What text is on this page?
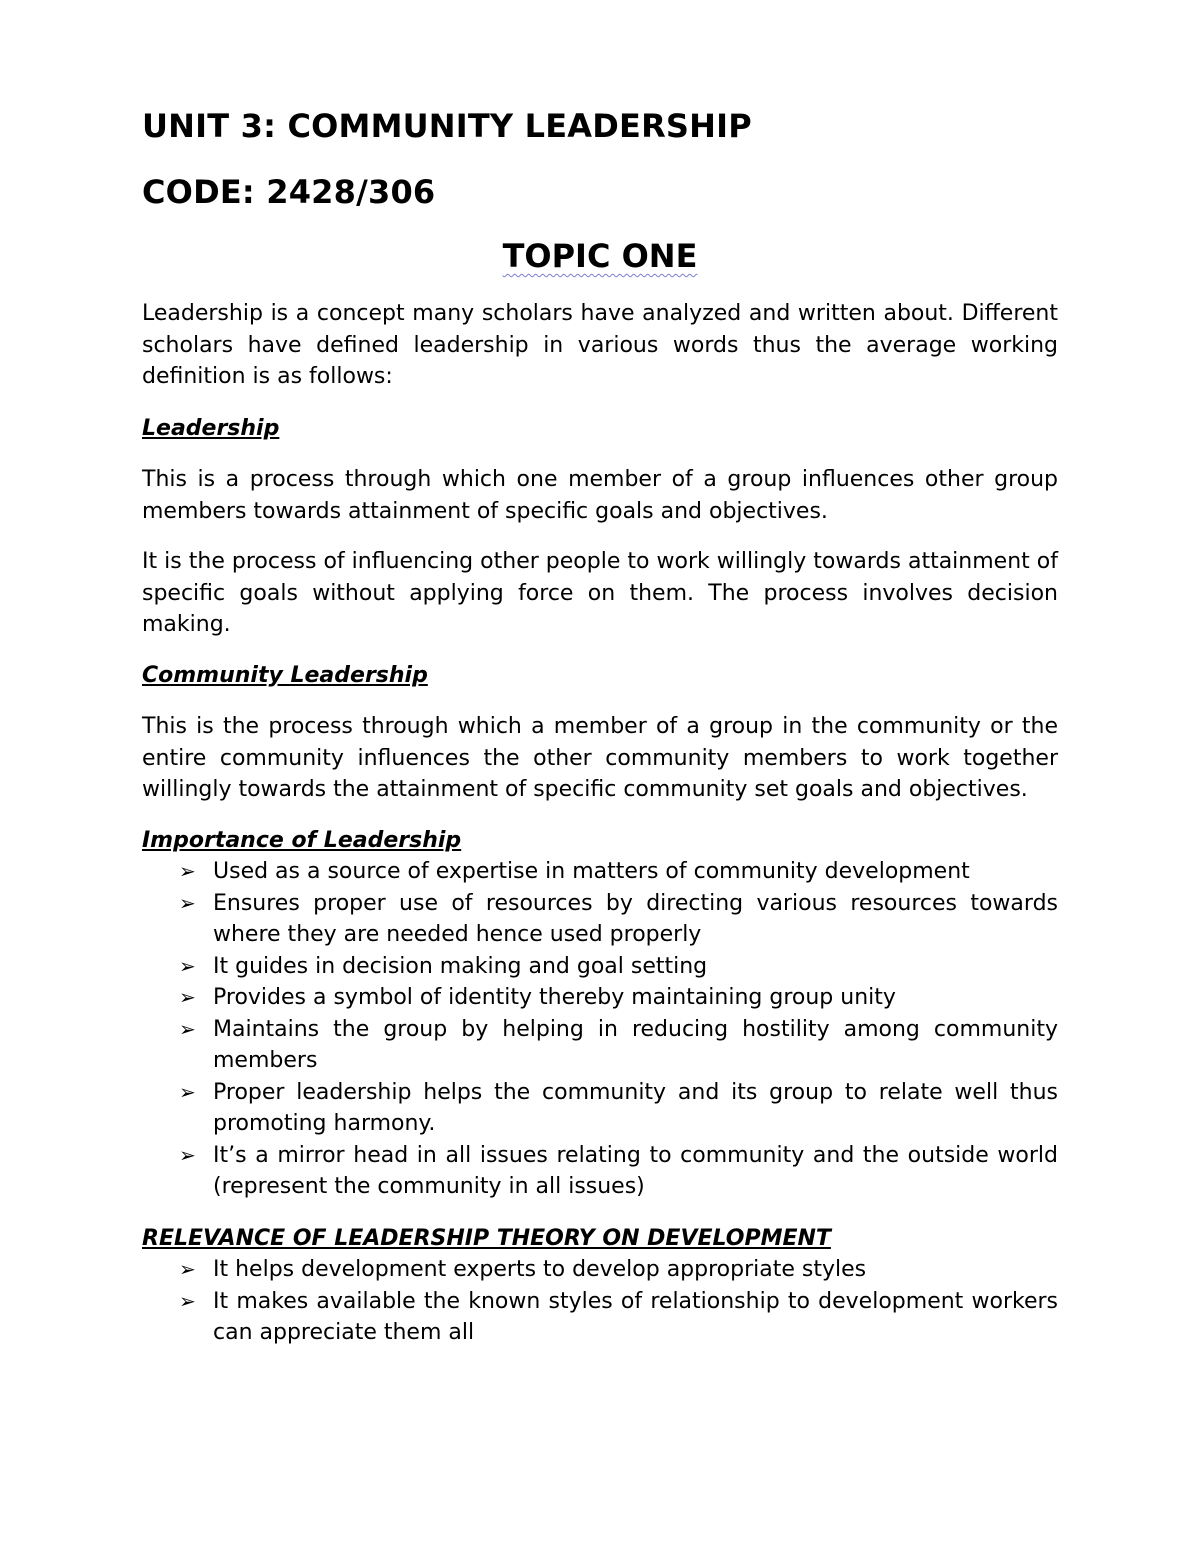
UNIT 3: COMMUNITY LEADERSHIP
CODE: 2428/306
TOPIC ONE

Leadership is a concept many scholars have analyzed and written about. Different scholars have defined leadership in various words thus the average working definition is as follows:

Leadership

This is a process through which one member of a group influences other group members towards attainment of specific goals and objectives.

It is the process of influencing other people to work willingly towards attainment of specific goals without applying force on them. The process involves decision making.

Community Leadership

This is the process through which a member of a group in the community or the entire community influences the other community members to work together willingly towards the attainment of specific community set goals and objectives.

Importance of Leadership

➢ Used as a source of expertise in matters of community development
➢ Ensures proper use of resources by directing various resources towards where they are needed hence used properly
➢ It guides in decision making and goal setting
➢ Provides a symbol of identity thereby maintaining group unity
➢ Maintains the group by helping in reducing hostility among community members
➢ Proper leadership helps the community and its group to relate well thus promoting harmony.
➢ It’s a mirror head in all issues relating to community and the outside world (represent the community in all issues)

RELEVANCE OF LEADERSHIP THEORY ON DEVELOPMENT

➢ It helps development experts to develop appropriate styles
➢ It makes available the known styles of relationship to development workers can appreciate them all
